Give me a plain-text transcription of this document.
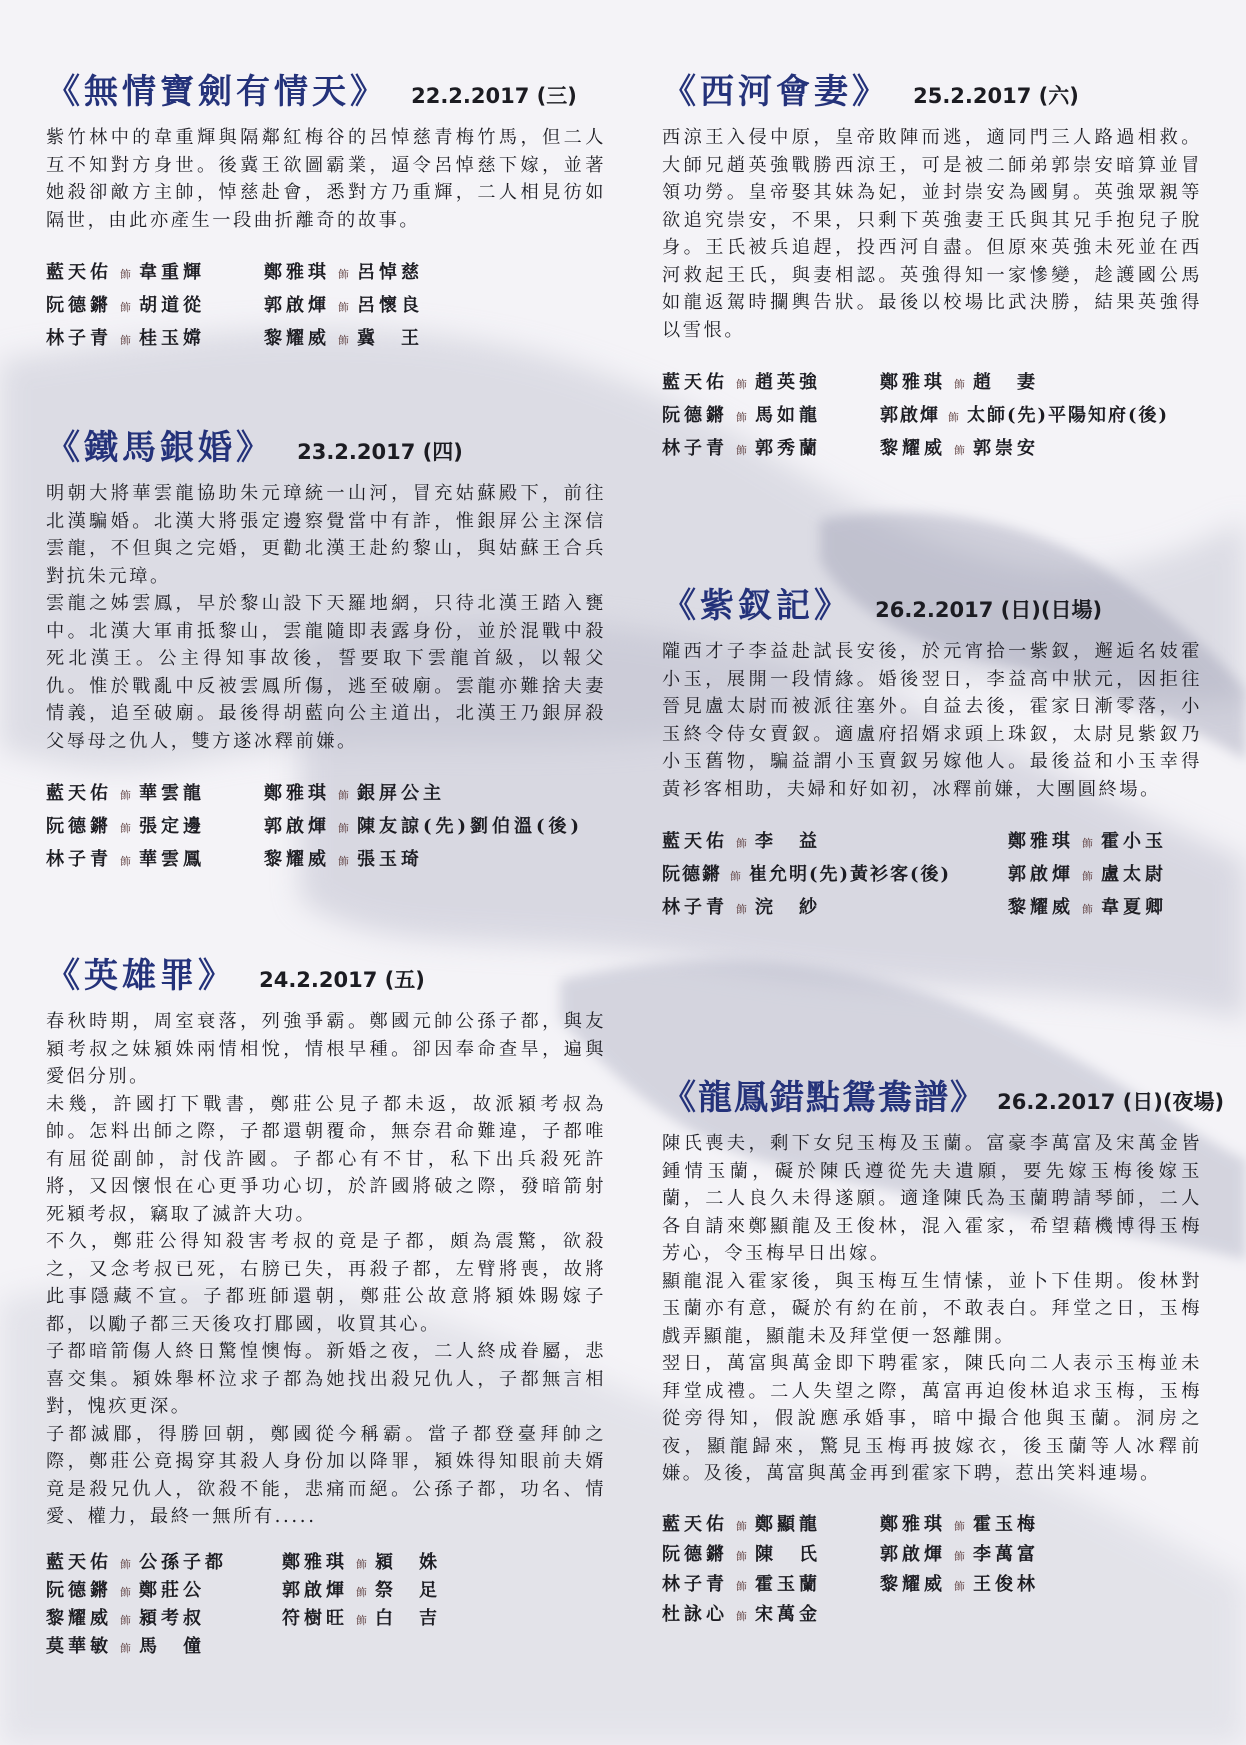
《無情寶劍有情天》 22.2.2017 (三)

紫竹林中的韋重輝與隔鄰紅梅谷的呂悼慈青梅竹馬，但二人互不知對方身世。後冀王欲圖霸業，逼令呂悼慈下嫁，並著她殺卻敵方主帥，悼慈赴會，悉對方乃重輝，二人相見彷如隔世，由此亦產生一段曲折離奇的故事。

藍天佑 飾 韋重輝	鄭雅琪 飾 呂悼慈
阮德鏘 飾 胡道從	郭啟煇 飾 呂懷良
林子青 飾 桂玉嫦	黎耀威 飾 冀　王
《鐵馬銀婚》 23.2.2017 (四)

明朝大將華雲龍協助朱元璋統一山河，冒充姑蘇殿下，前往北漢騙婚。北漢大將張定邊察覺當中有詐，惟銀屏公主深信雲龍，不但與之完婚，更勸北漢王赴約黎山，與姑蘇王合兵對抗朱元璋。

雲龍之姊雲鳳，早於黎山設下天羅地網，只待北漢王踏入甕中。北漢大軍甫抵黎山，雲龍隨即表露身份，並於混戰中殺死北漢王。公主得知事故後，誓要取下雲龍首級，以報父仇。惟於戰亂中反被雲鳳所傷，逃至破廟。雲龍亦難捨夫妻情義，追至破廟。最後得胡藍向公主道出，北漢王乃銀屏殺父辱母之仇人，雙方遂冰釋前嫌。

藍天佑 飾 華雲龍	鄭雅琪 飾 銀屏公主
阮德鏘 飾 張定邊	郭啟煇 飾 陳友諒(先)劉伯溫(後)
林子青 飾 華雲鳳	黎耀威 飾 張玉琦
《英雄罪》 24.2.2017 (五)

春秋時期，周室衰落，列強爭霸。鄭國元帥公孫子都，與友潁考叔之妹潁姝兩情相悅，情根早種。卻因奉命查旱，遍與愛侶分別。

未幾，許國打下戰書，鄭莊公見子都未返，故派潁考叔為帥。怎料出師之際，子都還朝覆命，無奈君命難違，子都唯有屈從副帥，討伐許國。子都心有不甘，私下出兵殺死許將，又因懷恨在心更爭功心切，於許國將破之際，發暗箭射死潁考叔，竊取了滅許大功。

不久，鄭莊公得知殺害考叔的竟是子都，頗為震驚，欲殺之，又念考叔已死，右膀已失，再殺子都，左臂將喪，故將此事隱藏不宣。子都班師還朝，鄭莊公故意將潁姝賜嫁子都，以勵子都三天後攻打郿國，收買其心。

子都暗箭傷人終日驚惶懊悔。新婚之夜，二人終成眷屬，悲喜交集。潁姝舉杯泣求子都為她找出殺兄仇人，子都無言相對，愧疚更深。

子都滅郿，得勝回朝，鄭國從今稱霸。當子都登臺拜帥之際，鄭莊公竟揭穿其殺人身份加以降罪，潁姝得知眼前夫婿竟是殺兄仇人，欲殺不能，悲痛而絕。公孫子都，功名、情愛、權力，最終一無所有.....

藍天佑 飾 公孫子都	鄭雅琪 飾 潁　姝
阮德鏘 飾 鄭莊公	郭啟煇 飾 祭　足
黎耀威 飾 潁考叔	符樹旺 飾 白　吉
莫華敏 飾 馬　僮
《西河會妻》 25.2.2017 (六)

西涼王入侵中原，皇帝敗陣而逃，適同門三人路過相救。大師兄趙英強戰勝西涼王，可是被二師弟郭崇安暗算並冒領功勞。皇帝娶其妹為妃，並封崇安為國舅。英強眾親等欲追究崇安，不果，只剩下英強妻王氏與其兄手抱兒子脫身。王氏被兵追趕，投西河自盡。但原來英強未死並在西河救起王氏，與妻相認。英強得知一家慘變，趁護國公馬如龍返駕時攔輿告狀。最後以校場比武決勝，結果英強得以雪恨。

藍天佑 飾 趙英強	鄭雅琪 飾 趙　妻
阮德鏘 飾 馬如龍	郭啟煇 飾 太師(先)平陽知府(後)
林子青 飾 郭秀蘭	黎耀威 飾 郭崇安
《紫釵記》 26.2.2017 (日)(日場)

隴西才子李益赴試長安後，於元宵拾一紫釵，邂逅名妓霍小玉，展開一段情緣。婚後翌日，李益高中狀元，因拒往晉見盧太尉而被派往塞外。自益去後，霍家日漸零落，小玉終令侍女賣釵。適盧府招婿求頭上珠釵，太尉見紫釵乃小玉舊物，騙益謂小玉賣釵另嫁他人。最後益和小玉幸得黃衫客相助，夫婦和好如初，冰釋前嫌，大團圓終場。

藍天佑 飾 李　益	鄭雅琪 飾 霍小玉
阮德鏘 飾 崔允明(先)黃衫客(後)	郭啟煇 飾 盧太尉
林子青 飾 浣　紗	黎耀威 飾 韋夏卿
《龍鳳錯點鴛鴦譜》 26.2.2017 (日)(夜場)

陳氏喪夫，剩下女兒玉梅及玉蘭。富豪李萬富及宋萬金皆鍾情玉蘭，礙於陳氏遵從先夫遺願，要先嫁玉梅後嫁玉蘭，二人良久未得遂願。適逢陳氏為玉蘭聘請琴師，二人各自請來鄭顯龍及王俊林，混入霍家，希望藉機博得玉梅芳心，令玉梅早日出嫁。

顯龍混入霍家後，與玉梅互生情愫，並卜下佳期。俊林對玉蘭亦有意，礙於有約在前，不敢表白。拜堂之日，玉梅戲弄顯龍，顯龍未及拜堂便一怒離開。

翌日，萬富與萬金即下聘霍家，陳氏向二人表示玉梅並未拜堂成禮。二人失望之際，萬富再迫俊林追求玉梅，玉梅從旁得知，假說應承婚事，暗中撮合他與玉蘭。洞房之夜，顯龍歸來，驚見玉梅再披嫁衣，後玉蘭等人冰釋前嫌。及後，萬富與萬金再到霍家下聘，惹出笑料連場。

藍天佑 飾 鄭顯龍	鄭雅琪 飾 霍玉梅
阮德鏘 飾 陳　氏	郭啟煇 飾 李萬富
林子青 飾 霍玉蘭	黎耀威 飾 王俊林
杜詠心 飾 宋萬金
